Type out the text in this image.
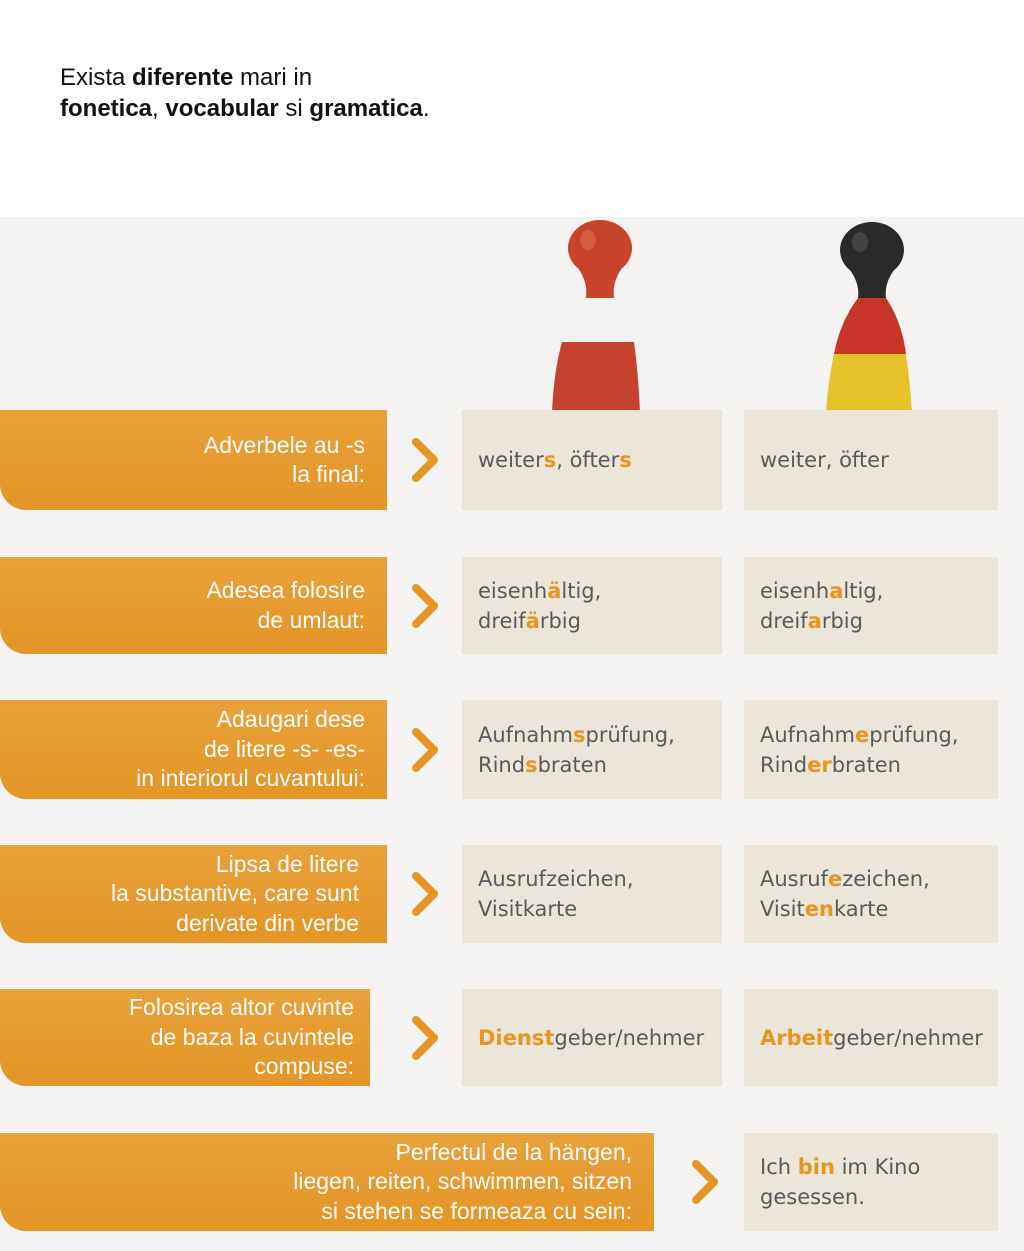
Exista diferente mari in
fonetica, vocabular si gramatica.
Adverbele au -s
la final:
weiters, öfters	weiter, öfter
Adesea folosire
de umlaut:
eisenhältig,
dreifärbig
eisenhaltig,
dreifarbig
Adaugari dese
de litere -s- -es-
in interiorul cuvantului:
Aufnahmsprüfung,
Rindsbraten
Aufnahmeprüfung,
Rinderbraten
Lipsa de litere
la substantive, care sunt
derivate din verbe
Ausrufzeichen,
Visitkarte
Ausrufezeichen,
Visitenkarte
Folosirea altor cuvinte
de baza la cuvintele
compuse:
Dienstgeber/nehmer	Arbeitgeber/nehmer
Perfectul de la hängen,
liegen, reiten, schwimmen, sitzen
si stehen se formeaza cu sein:
Ich bin im Kino
gesessen.
